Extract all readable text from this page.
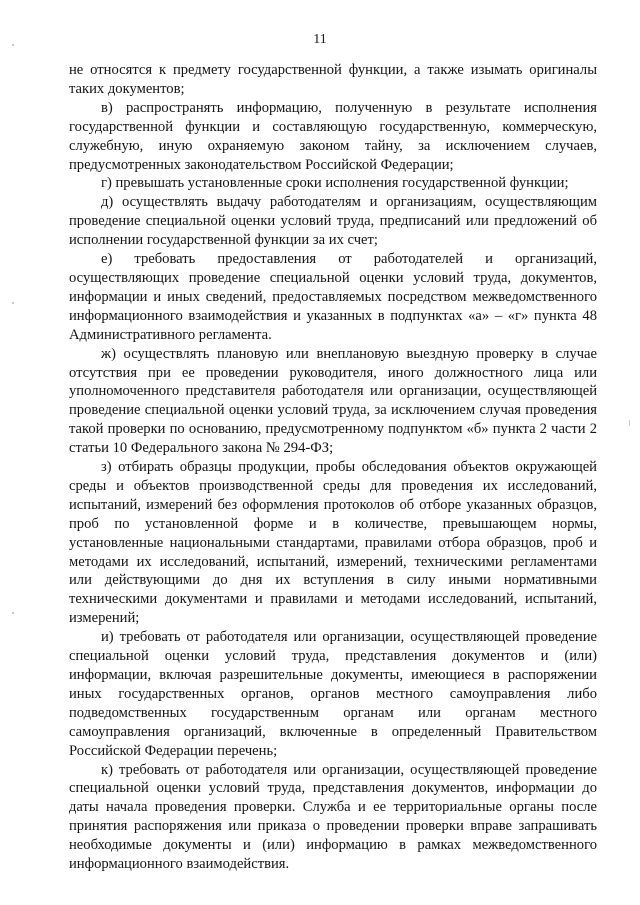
11

не относятся к предмету государственной функции, а также изымать оригиналы таких документов;

в) распространять информацию, полученную в результате исполнения государственной функции и составляющую государственную, коммерческую, служебную, иную охраняемую законом тайну, за исключением случаев, предусмотренных законодательством Российской Федерации;

г) превышать установленные сроки исполнения государственной функции;

д) осуществлять выдачу работодателям и организациям, осуществляющим проведение специальной оценки условий труда, предписаний или предложений об исполнении государственной функции за их счет;

е) требовать предоставления от работодателей и организаций, осуществляющих проведение специальной оценки условий труда, документов, информации и иных сведений, предоставляемых посредством межведомственного информационного взаимодействия и указанных в подпунктах «а» – «г» пункта 48 Административного регламента.

ж) осуществлять плановую или внеплановую выездную проверку в случае отсутствия при ее проведении руководителя, иного должностного лица или уполномоченного представителя работодателя или организации, осуществляющей проведение специальной оценки условий труда, за исключением случая проведения такой проверки по основанию, предусмотренному подпунктом «б» пункта 2 части 2 статьи 10 Федерального закона № 294-ФЗ;

з) отбирать образцы продукции, пробы обследования объектов окружающей среды и объектов производственной среды для проведения их исследований, испытаний, измерений без оформления протоколов об отборе указанных образцов, проб по установленной форме и в количестве, превышающем нормы, установленные национальными стандартами, правилами отбора образцов, проб и методами их исследований, испытаний, измерений, техническими регламентами или действующими до дня их вступления в силу иными нормативными техническими документами и правилами и методами исследований, испытаний, измерений;

и) требовать от работодателя или организации, осуществляющей проведение специальной оценки условий труда, представления документов и (или) информации, включая разрешительные документы, имеющиеся в распоряжении иных государственных органов, органов местного самоуправления либо подведомственных государственным органам или органам местного самоуправления организаций, включенные в определенный Правительством Российской Федерации перечень;

к) требовать от работодателя или организации, осуществляющей проведение специальной оценки условий труда, представления документов, информации до даты начала проведения проверки. Служба и ее территориальные органы после принятия распоряжения или приказа о проведении проверки вправе запрашивать необходимые документы и (или) информацию в рамках межведомственного информационного взаимодействия.
